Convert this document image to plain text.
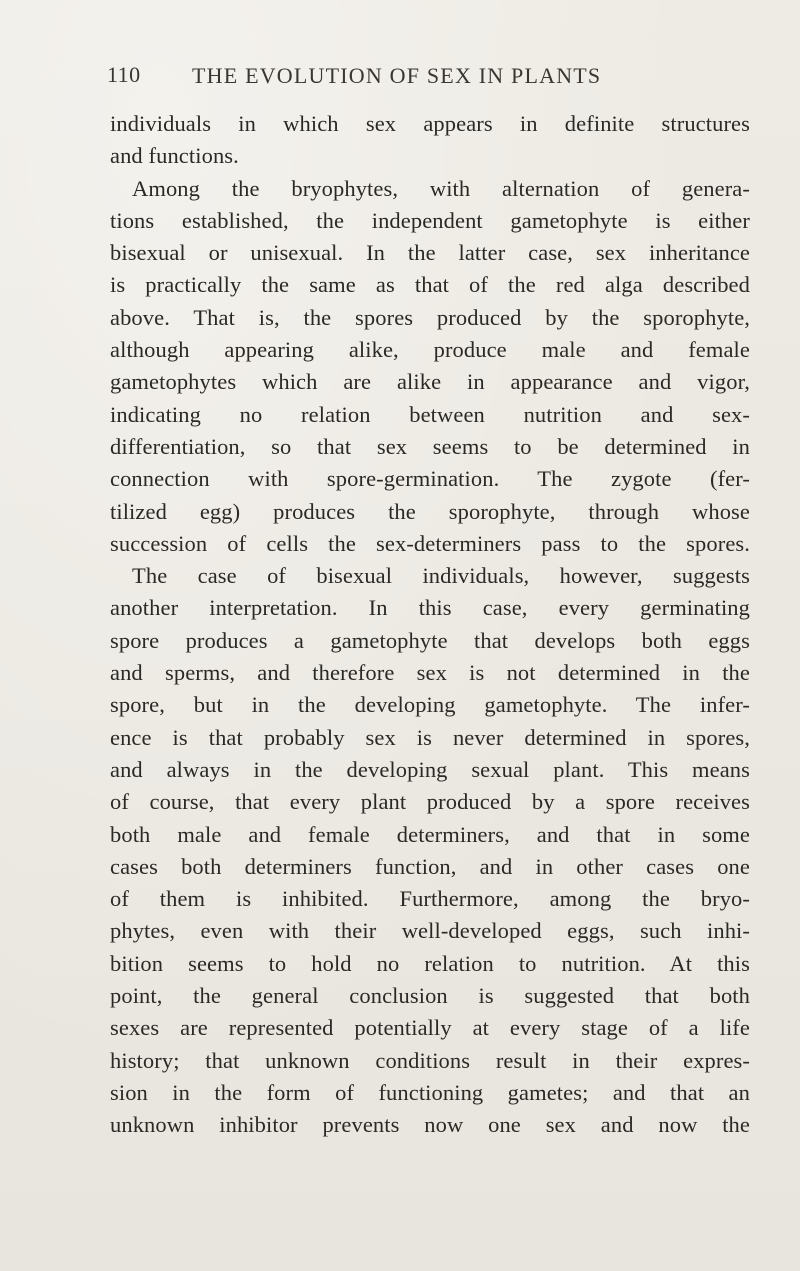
110 THE EVOLUTION OF SEX IN PLANTS
individuals in which sex appears in definite structures
and functions.
Among the bryophytes, with alternation of genera-
tions established, the independent gametophyte is either
bisexual or unisexual. In the latter case, sex inheritance
is practically the same as that of the red alga described
above. That is, the spores produced by the sporophyte,
although appearing alike, produce male and female
gametophytes which are alike in appearance and vigor,
indicating no relation between nutrition and sex-
differentiation, so that sex seems to be determined in
connection with spore-germination. The zygote (fer-
tilized egg) produces the sporophyte, through whose
succession of cells the sex-determiners pass to the spores.
The case of bisexual individuals, however, suggests
another interpretation. In this case, every germinating
spore produces a gametophyte that develops both eggs
and sperms, and therefore sex is not determined in the
spore, but in the developing gametophyte. The infer-
ence is that probably sex is never determined in spores,
and always in the developing sexual plant. This means
of course, that every plant produced by a spore receives
both male and female determiners, and that in some
cases both determiners function, and in other cases one
of them is inhibited. Furthermore, among the bryo-
phytes, even with their well-developed eggs, such inhi-
bition seems to hold no relation to nutrition. At this
point, the general conclusion is suggested that both
sexes are represented potentially at every stage of a life
history; that unknown conditions result in their expres-
sion in the form of functioning gametes; and that an
unknown inhibitor prevents now one sex and now the
